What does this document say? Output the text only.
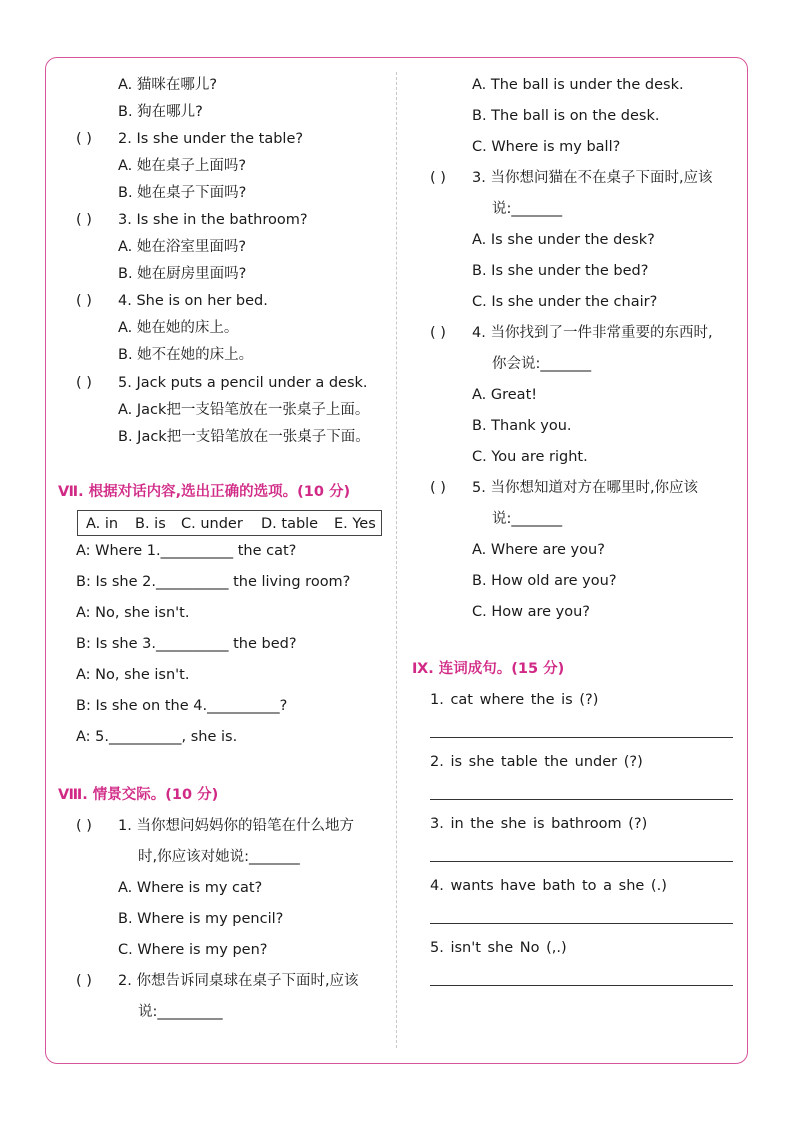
A. 猫咪在哪儿?
B. 狗在哪儿?
( ) 2. Is she under the table?
A. 她在桌子上面吗?
B. 她在桌子下面吗?
( ) 3. Is she in the bathroom?
A. 她在浴室里面吗?
B. 她在厨房里面吗?
( ) 4. She is on her bed.
A. 她在她的床上。
B. 她不在她的床上。
( ) 5. Jack puts a pencil under a desk.
A. Jack把一支铅笔放在一张桌子上面。
B. Jack把一支铅笔放在一张桌子下面。
Ⅶ. 根据对话内容,选出正确的选项。(10 分)
A. in B. is C. under D. table E. Yes
A: Where 1.__________ the cat?
B: Is she 2.__________ the living room?
A: No, she isn't.
B: Is she 3.__________ the bed?
A: No, she isn't.
B: Is she on the 4.__________?
A: 5.__________, she is.
Ⅷ. 情景交际。(10 分)
( ) 1. 当你想问妈妈你的铅笔在什么地方
时,你应该对她说:_______
A. Where is my cat?
B. Where is my pencil?
C. Where is my pen?
( ) 2. 你想告诉同桌球在桌子下面时,应该
说:_________
A. The ball is under the desk.
B. The ball is on the desk.
C. Where is my ball?
( ) 3. 当你想问猫在不在桌子下面时,应该
说:_______
A. Is she under the desk?
B. Is she under the bed?
C. Is she under the chair?
( ) 4. 当你找到了一件非常重要的东西时,
你会说:_______
A. Great!
B. Thank you.
C. You are right.
( ) 5. 当你想知道对方在哪里时,你应该
说:_______
A. Where are you?
B. How old are you?
C. How are you?
Ⅸ. 连词成句。(15 分)
1. cat where the is (?)
2. is she table the under (?)
3. in the she is bathroom (?)
4. wants have bath to a she (.)
5. isn't she No (,.)
